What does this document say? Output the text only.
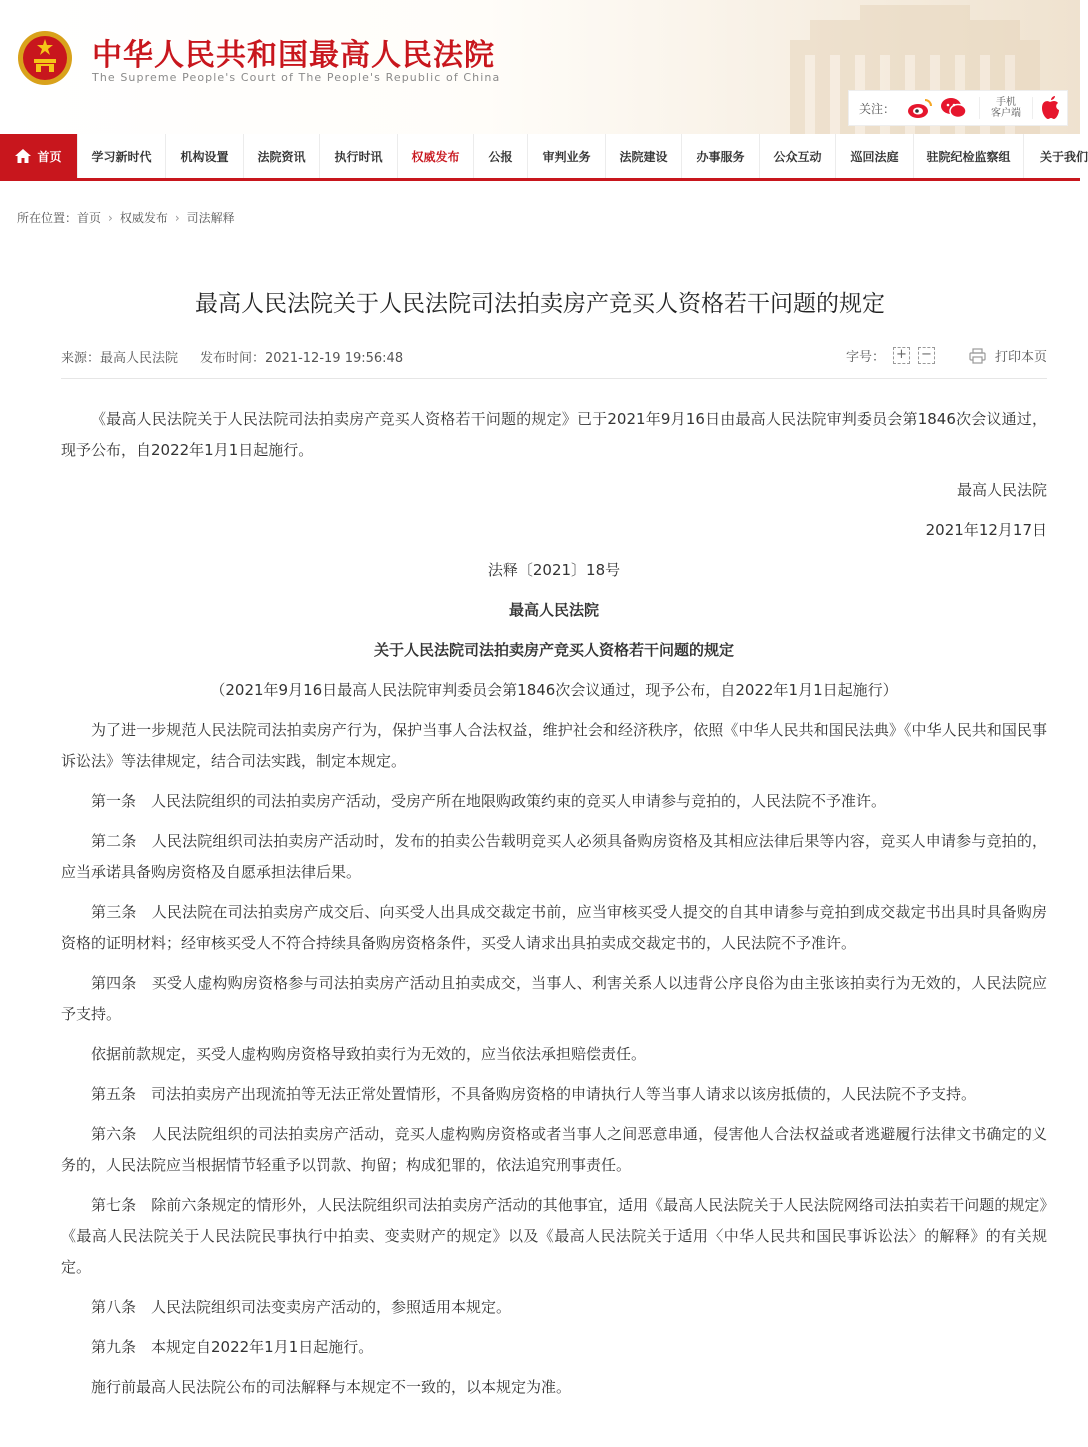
中华人民共和国最高人民法院
The Supreme People's Court of The People's Republic of China
关注：	手机
客户端
首页	学习新时代	机构设置	法院资讯	执行时讯	权威发布	公报	审判业务	法院建设	办事服务	公众互动	巡回法庭	驻院纪检监察组	关于我们
所在位置：首页 › 权威发布 › 司法解释
最高人民法院关于人民法院司法拍卖房产竞买人资格若干问题的规定
来源：最高人民法院 发布时间：2021-12-19 19:56:48	字号： + −	打印本页

《最高人民法院关于人民法院司法拍卖房产竞买人资格若干问题的规定》已于2021年9月16日由最高人民法院审判委员会第1846次会议通过，现予公布，自2022年1月1日起施行。

最高人民法院

2021年12月17日

法释〔2021〕18号

最高人民法院

关于人民法院司法拍卖房产竞买人资格若干问题的规定

（2021年9月16日最高人民法院审判委员会第1846次会议通过，现予公布，自2022年1月1日起施行）

为了进一步规范人民法院司法拍卖房产行为，保护当事人合法权益，维护社会和经济秩序，依照《中华人民共和国民法典》《中华人民共和国民事诉讼法》等法律规定，结合司法实践，制定本规定。

第一条　人民法院组织的司法拍卖房产活动，受房产所在地限购政策约束的竞买人申请参与竞拍的，人民法院不予准许。

第二条　人民法院组织司法拍卖房产活动时，发布的拍卖公告载明竞买人必须具备购房资格及其相应法律后果等内容，竞买人申请参与竞拍的，应当承诺具备购房资格及自愿承担法律后果。

第三条　人民法院在司法拍卖房产成交后、向买受人出具成交裁定书前，应当审核买受人提交的自其申请参与竞拍到成交裁定书出具时具备购房资格的证明材料；经审核买受人不符合持续具备购房资格条件，买受人请求出具拍卖成交裁定书的，人民法院不予准许。

第四条　买受人虚构购房资格参与司法拍卖房产活动且拍卖成交，当事人、利害关系人以违背公序良俗为由主张该拍卖行为无效的，人民法院应予支持。

依据前款规定，买受人虚构购房资格导致拍卖行为无效的，应当依法承担赔偿责任。

第五条　司法拍卖房产出现流拍等无法正常处置情形，不具备购房资格的申请执行人等当事人请求以该房抵债的，人民法院不予支持。

第六条　人民法院组织的司法拍卖房产活动，竞买人虚构购房资格或者当事人之间恶意串通，侵害他人合法权益或者逃避履行法律文书确定的义务的，人民法院应当根据情节轻重予以罚款、拘留；构成犯罪的，依法追究刑事责任。

第七条　除前六条规定的情形外，人民法院组织司法拍卖房产活动的其他事宜，适用《最高人民法院关于人民法院网络司法拍卖若干问题的规定》《最高人民法院关于人民法院民事执行中拍卖、变卖财产的规定》以及《最高人民法院关于适用〈中华人民共和国民事诉讼法〉的解释》的有关规定。

第八条　人民法院组织司法变卖房产活动的，参照适用本规定。

第九条　本规定自2022年1月1日起施行。

施行前最高人民法院公布的司法解释与本规定不一致的，以本规定为准。
